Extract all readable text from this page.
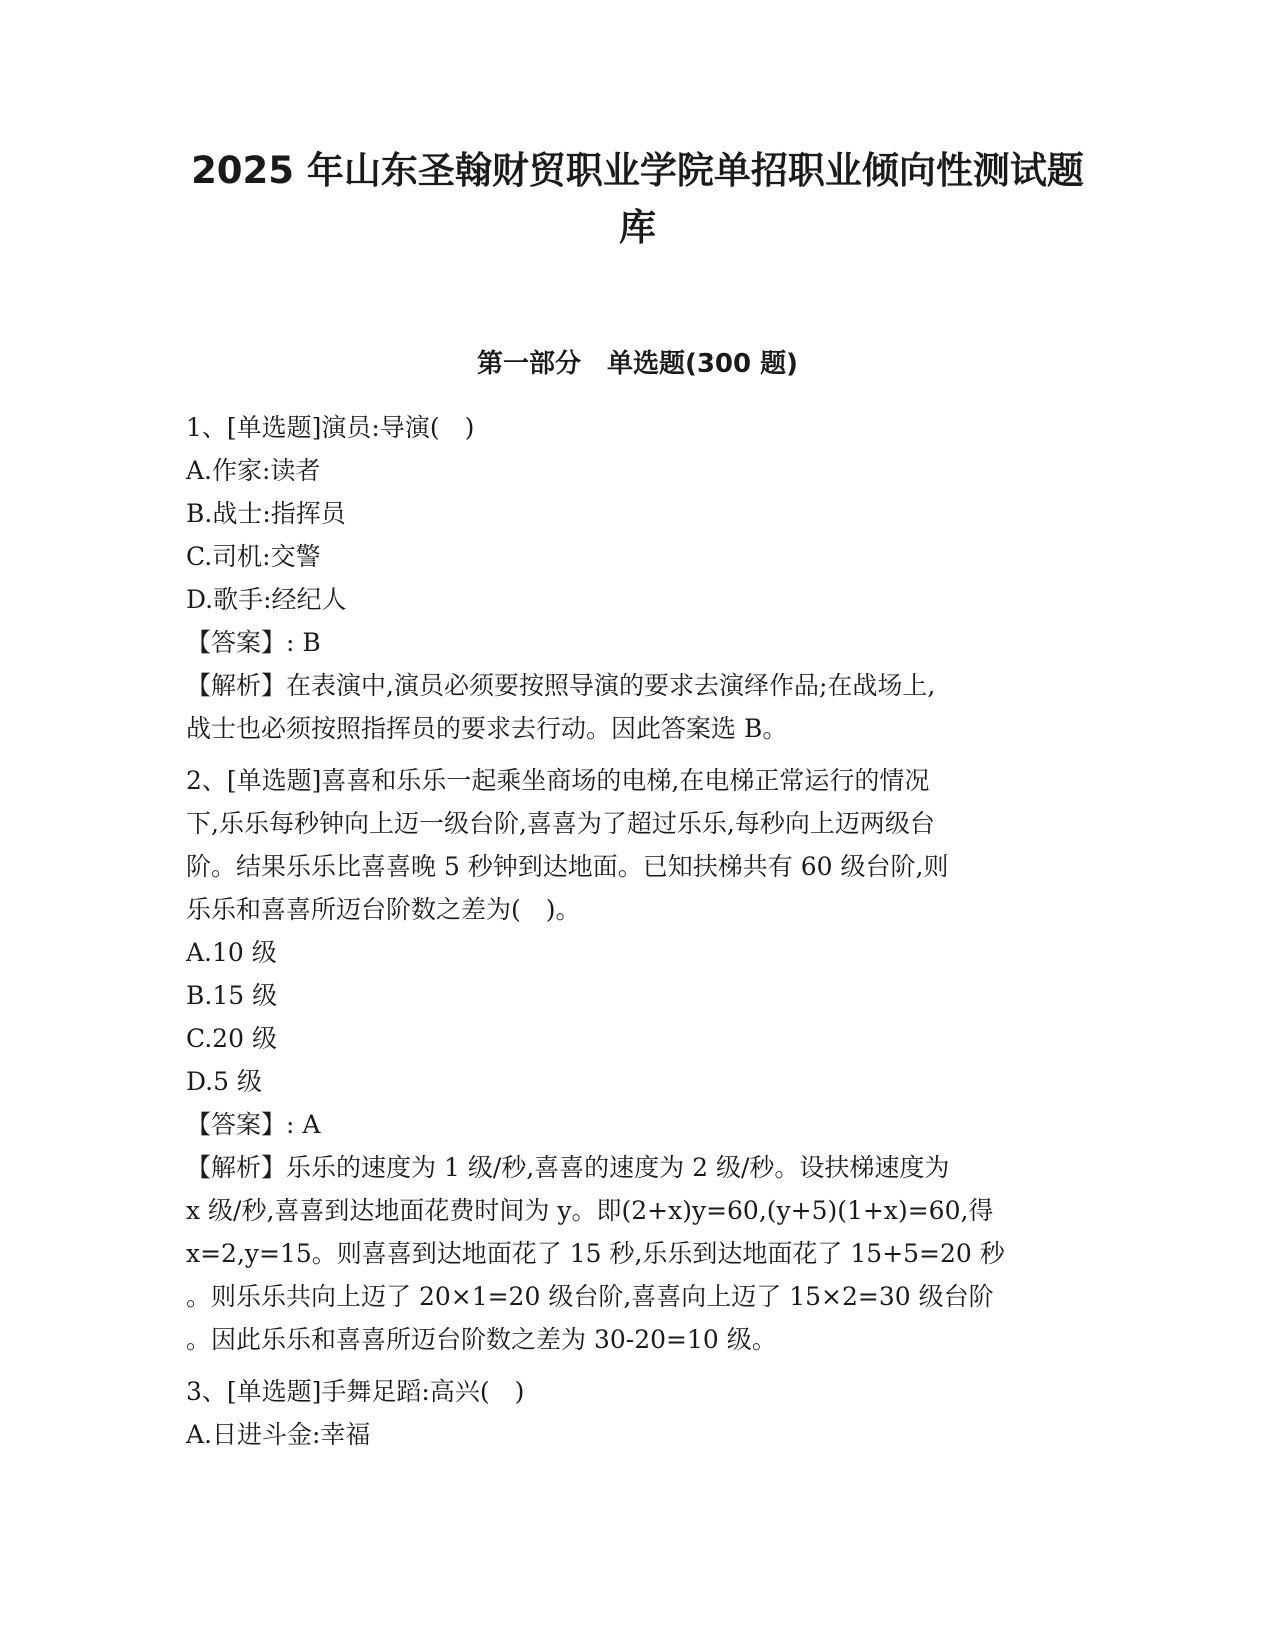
2025 年山东圣翰财贸职业学院单招职业倾向性测试题
库
第一部分　单选题(300 题)

1、[单选题]演员:导演(　)

A.作家:读者

B.战士:指挥员

C.司机:交警

D.歌手:经纪人

【答案】: B

【解析】在表演中,演员必须要按照导演的要求去演绎作品;在战场上,

战士也必须按照指挥员的要求去行动。因此答案选 B。

2、[单选题]喜喜和乐乐一起乘坐商场的电梯,在电梯正常运行的情况

下,乐乐每秒钟向上迈一级台阶,喜喜为了超过乐乐,每秒向上迈两级台

阶。结果乐乐比喜喜晚 5 秒钟到达地面。已知扶梯共有 60 级台阶,则

乐乐和喜喜所迈台阶数之差为(　)。

A.10 级

B.15 级

C.20 级

D.5 级

【答案】: A

【解析】乐乐的速度为 1 级/秒,喜喜的速度为 2 级/秒。设扶梯速度为

x 级/秒,喜喜到达地面花费时间为 y。即(2+x)y=60,(y+5)(1+x)=60,得

x=2,y=15。则喜喜到达地面花了 15 秒,乐乐到达地面花了 15+5=20 秒

。则乐乐共向上迈了 20×1=20 级台阶,喜喜向上迈了 15×2=30 级台阶

。因此乐乐和喜喜所迈台阶数之差为 30-20=10 级。

3、[单选题]手舞足蹈:高兴(　)

A.日进斗金:幸福
